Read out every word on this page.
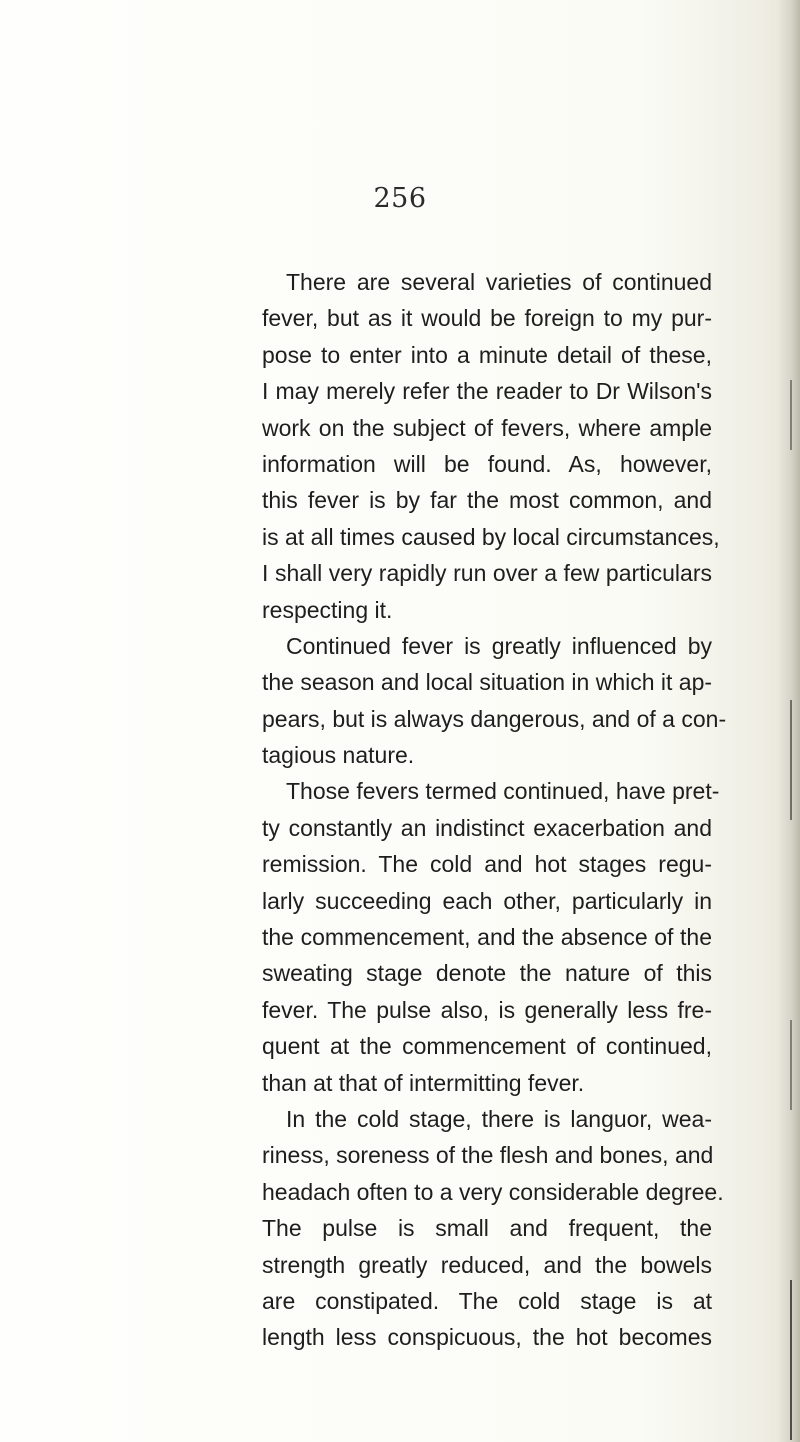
256
There are several varieties of continued
fever, but as it would be foreign to my pur-
pose to enter into a minute detail of these,
I may merely refer the reader to Dr Wilson's
work on the subject of fevers, where ample
information will be found. As, however,
this fever is by far the most common, and
is at all times caused by local circumstances,
I shall very rapidly run over a few particulars
respecting it.
Continued fever is greatly influenced by
the season and local situation in which it ap-
pears, but is always dangerous, and of a con-
tagious nature.
Those fevers termed continued, have pret-
ty constantly an indistinct exacerbation and
remission. The cold and hot stages regu-
larly succeeding each other, particularly in
the commencement, and the absence of the
sweating stage denote the nature of this
fever. The pulse also, is generally less fre-
quent at the commencement of continued,
than at that of intermitting fever.
In the cold stage, there is languor, wea-
riness, soreness of the flesh and bones, and
headach often to a very considerable degree.
The pulse is small and frequent, the
strength greatly reduced, and the bowels
are constipated. The cold stage is at
length less conspicuous, the hot becomes
